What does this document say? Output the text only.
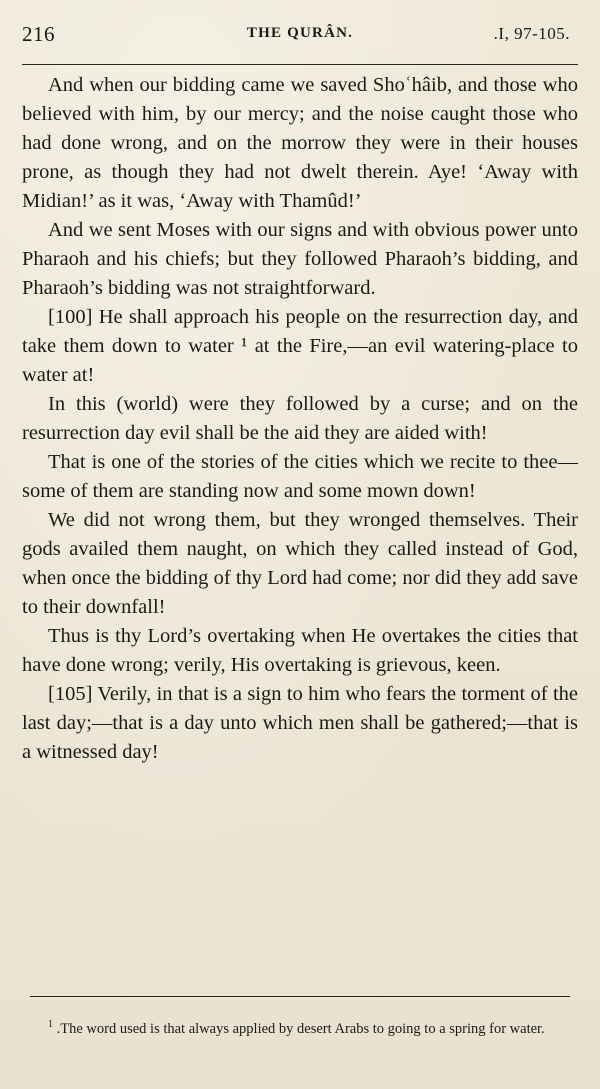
216	THE QURÂN.	.I, 97-105.

And when our bidding came we saved Shoʿhâib, and those who believed with him, by our mercy; and the noise caught those who had done wrong, and on the morrow they were in their houses prone, as though they had not dwelt therein. Aye! ‘Away with Midian!’ as it was, ‘Away with Thamûd!’

And we sent Moses with our signs and with obvious power unto Pharaoh and his chiefs; but they followed Pharaoh’s bidding, and Pharaoh’s bidding was not straightforward.

[100] He shall approach his people on the resurrection day, and take them down to water ¹ at the Fire,—an evil watering-place to water at!

In this (world) were they followed by a curse; and on the resurrection day evil shall be the aid they are aided with!

That is one of the stories of the cities which we recite to thee—some of them are standing now and some mown down!

We did not wrong them, but they wronged themselves. Their gods availed them naught, on which they called instead of God, when once the bidding of thy Lord had come; nor did they add save to their downfall!

Thus is thy Lord’s overtaking when He overtakes the cities that have done wrong; verily, His overtaking is grievous, keen.

[105] Verily, in that is a sign to him who fears the torment of the last day;—that is a day unto which men shall be gathered;—that is a witnessed day!

$^1$ .The word used is that always applied by desert Arabs to going to a spring for water.
